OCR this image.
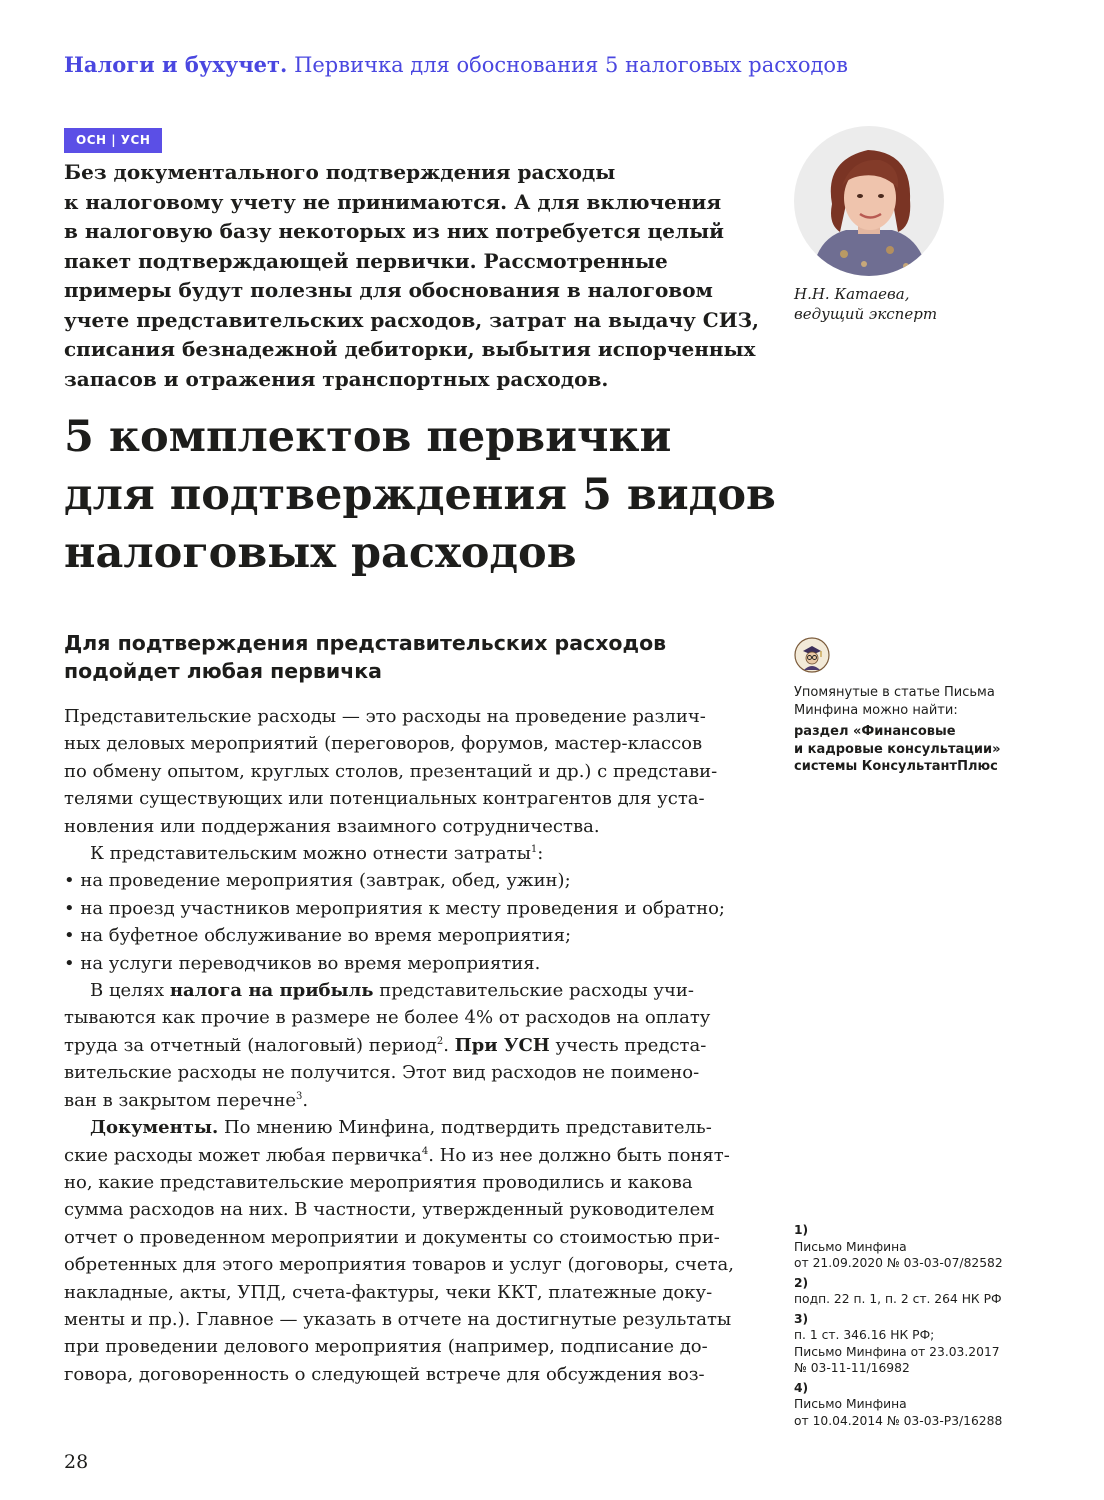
Налоги и бухучет. Первичка для обоснования 5 налоговых расходов
ОСН | УСН

Без документального подтверждения расходы
к налоговому учету не принимаются. А для включения
в налоговую базу некоторых из них потребуется целый
пакет подтверждающей первички. Рассмотренные
примеры будут полезны для обоснования в налоговом
учете представительских расходов, затрат на выдачу СИЗ,
списания безнадежной дебиторки, выбытия испорченных
запасов и отражения транспортных расходов.

Н.Н. Катаева,
ведущий эксперт
5 комплектов первички
для подтверждения 5 видов
налоговых расходов
Для подтверждения представительских расходов
подойдет любая первичка
Представительские расходы — это расходы на проведение различ-
ных деловых мероприятий (переговоров, форумов, мастер-классов
по обмену опытом, круглых столов, презентаций и др.) с представи-
телями существующих или потенциальных контрагентов для уста-
новления или поддержания взаимного сотрудничества.
К представительским можно отнести затраты$^1$:
• на проведение мероприятия (завтрак, обед, ужин);
• на проезд участников мероприятия к месту проведения и обратно;
• на буфетное обслуживание во время мероприятия;
• на услуги переводчиков во время мероприятия.
В целях налога на прибыль представительские расходы учи-
тываются как прочие в размере не более 4% от расходов на оплату
труда за отчетный (налоговый) период$^2$. При УСН учесть предста-
вительские расходы не получится. Этот вид расходов не поимено-
ван в закрытом перечне$^3$.
Документы. По мнению Минфина, подтвердить представитель-
ские расходы может любая первичка$^4$. Но из нее должно быть понят-
но, какие представительские мероприятия проводились и какова
сумма расходов на них. В частности, утвержденный руководителем
отчет о проведенном мероприятии и документы со стоимостью при-
обретенных для этого мероприятия товаров и услуг (договоры, счета,
накладные, акты, УПД, счета-фактуры, чеки ККТ, платежные доку-
менты и пр.). Главное — указать в отчете на достигнутые результаты
при проведении делового мероприятия (например, подписание до-
говора, договоренность о следующей встрече для обсуждения воз-
Упомянутые в статье Письма
Минфина можно найти:
раздел «Финансовые
и кадровые консультации»
системы КонсультантПлюс
1)
Письмо Минфина
от 21.09.2020 № 03-03-07/82582
2)
подп. 22 п. 1, п. 2 ст. 264 НК РФ
3)
п. 1 ст. 346.16 НК РФ;
Письмо Минфина от 23.03.2017
№ 03-11-11/16982
4)
Письмо Минфина
от 10.04.2014 № 03-03-Р3/16288
28
